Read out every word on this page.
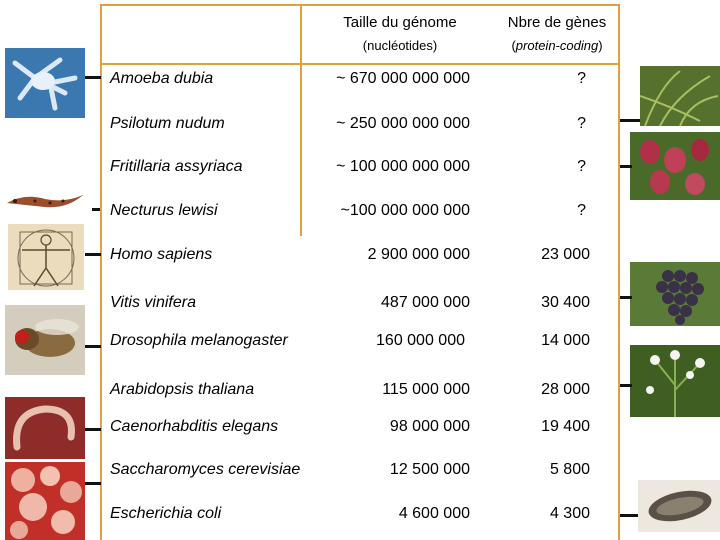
Taille du génome
(nucléotides)
Nbre de gènes
(protein-coding)
Amoeba dubia	~ 670 000 000 000	?
Psilotum nudum	~ 250 000 000 000	?
Fritillaria assyriaca	~ 100 000 000 000	?
Necturus lewisi	~100 000 000 000	?
Homo sapiens	2 900 000 000	23 000
Vitis vinifera	487 000 000	30 400
Drosophila melanogaster	160 000 000	14 000
Arabidopsis thaliana	115 000 000	28 000
Caenorhabditis elegans	98 000 000	19 400
Saccharomyces cerevisiae	12 500 000	5 800
Escherichia coli	4 600 000	4 300
